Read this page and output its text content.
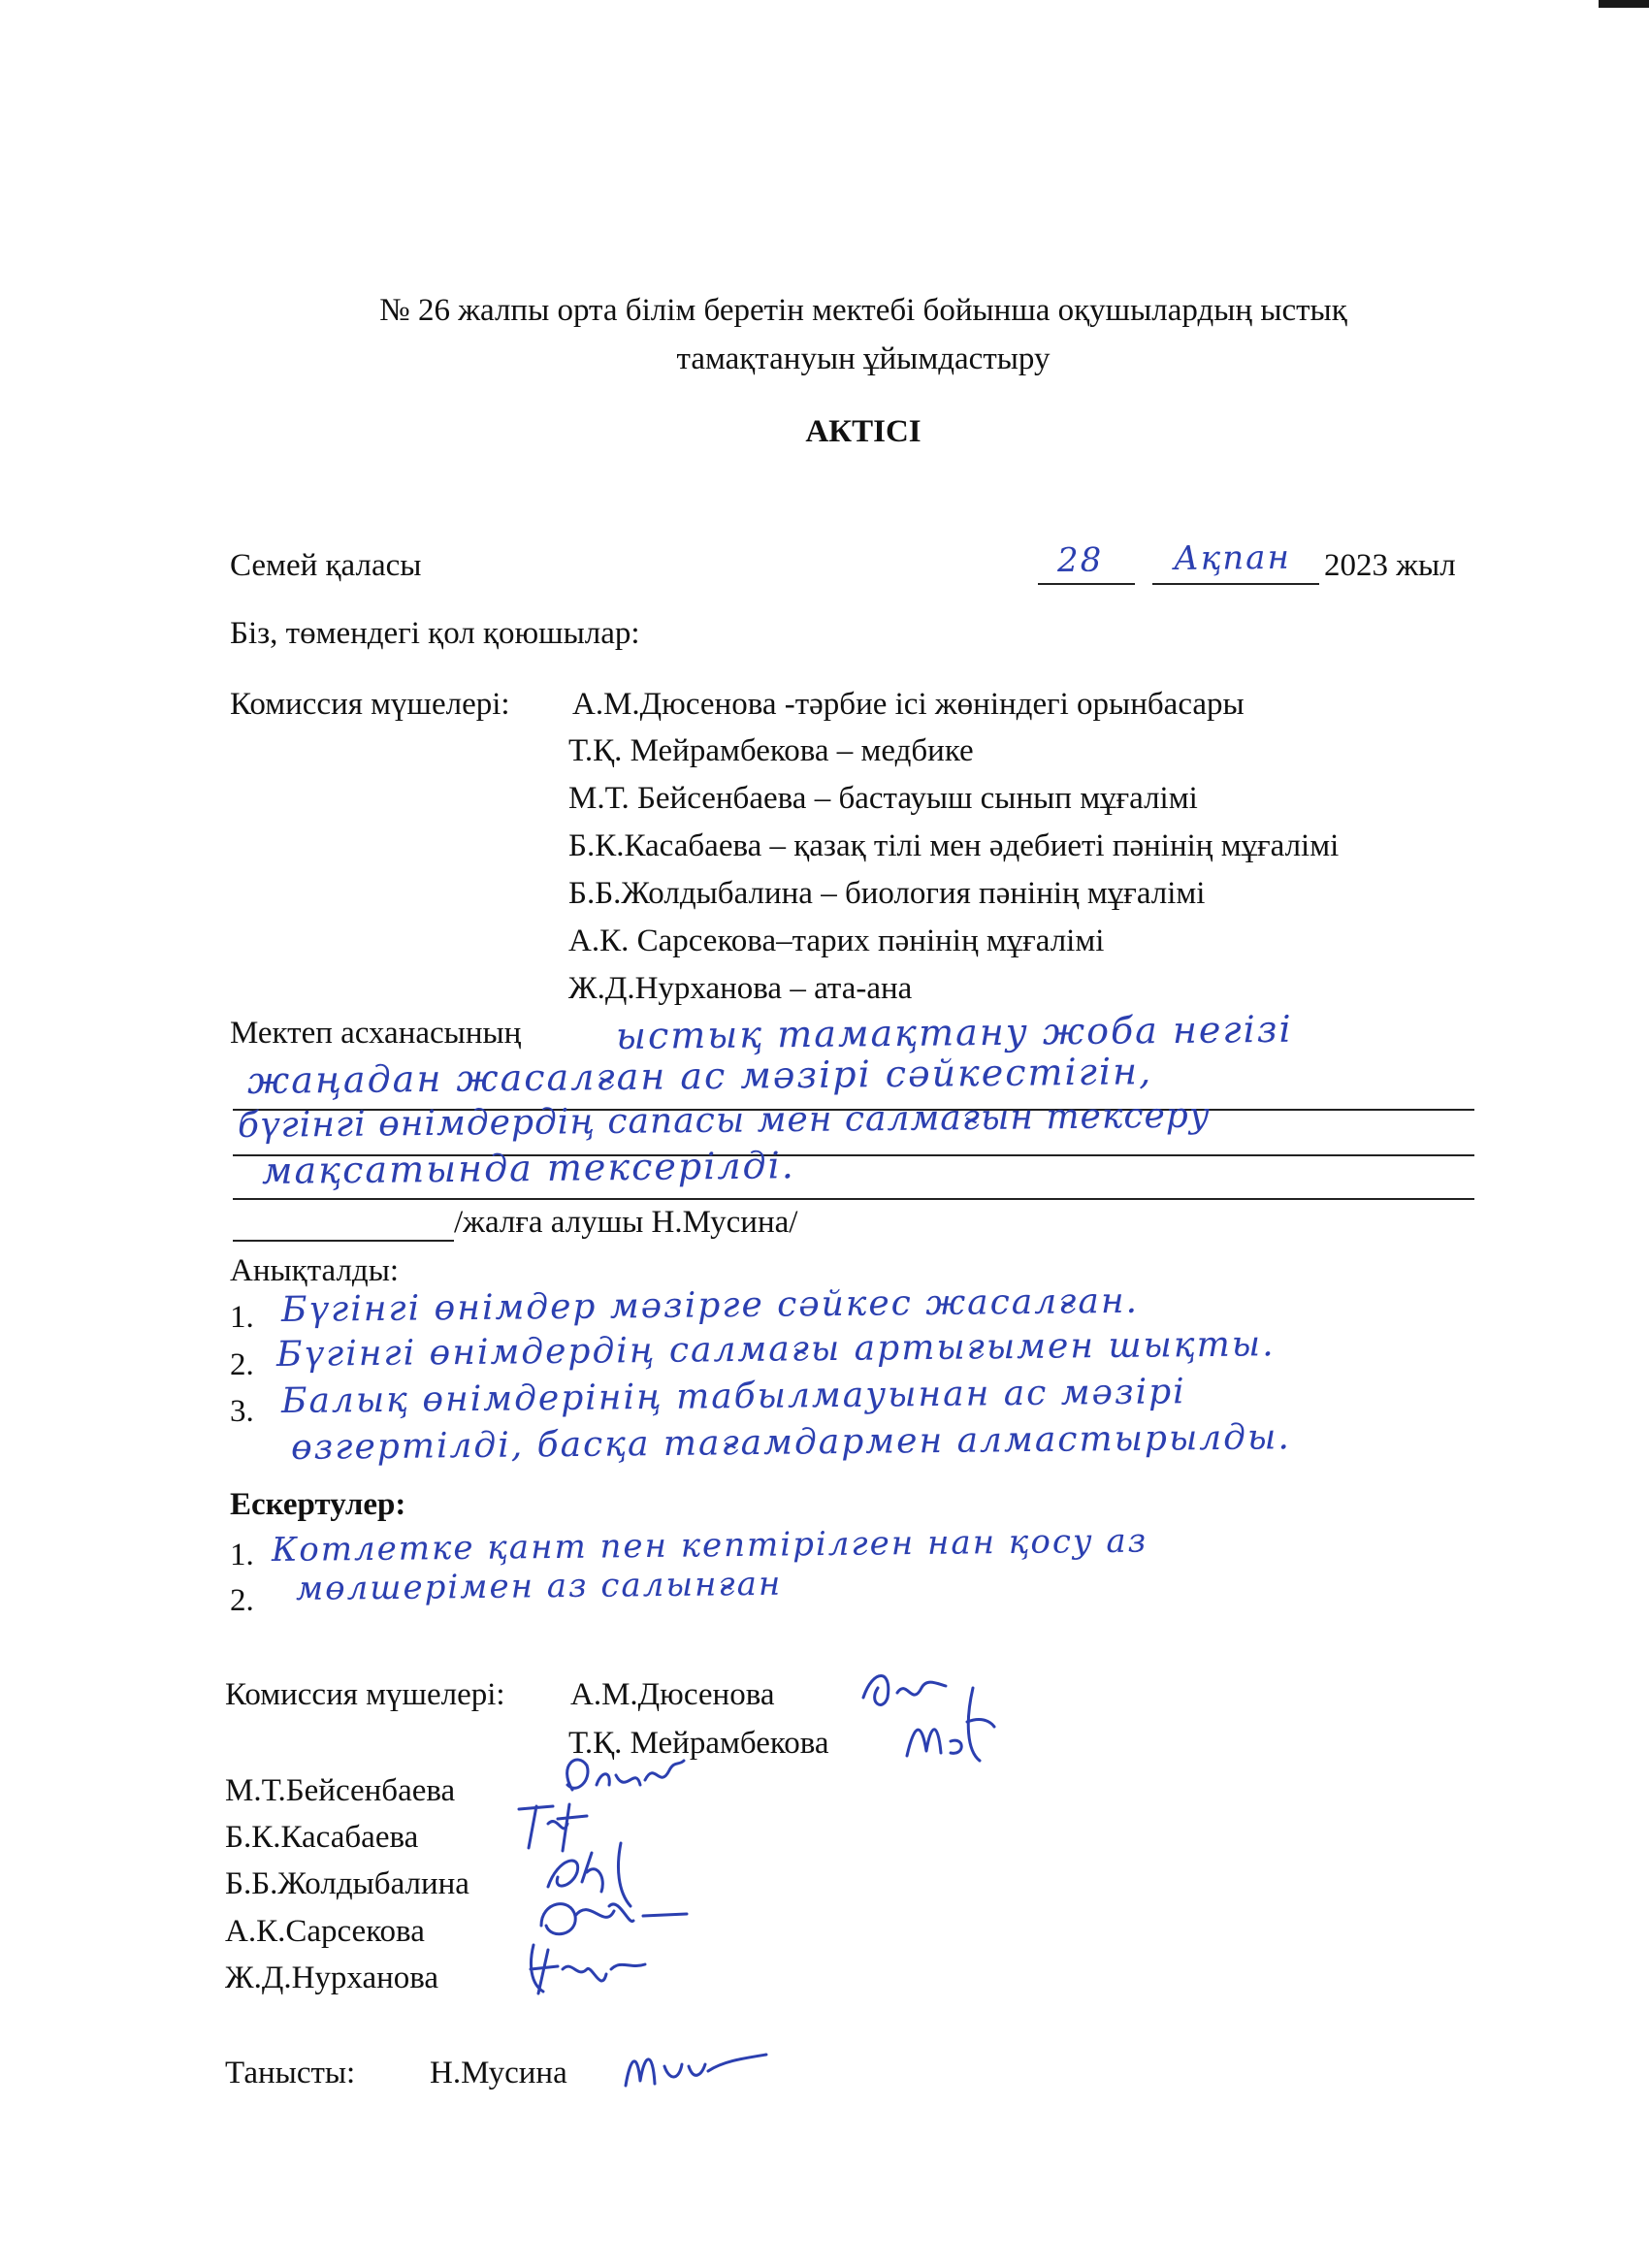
№ 26 жалпы орта білім беретін мектебі бойынша оқушылардың ыстық
тамақтануын ұйымдастыру
АКТІСІ
Семей қаласы	28 Ақпан 2023 жыл
Біз, төмендегі қол қоюшылар:
Комиссия мүшелері: А.М.Дюсенова -тәрбие ісі жөніндегі орынбасары
Т.Қ. Мейрамбекова – медбике
М.Т. Бейсенбаева – бастауыш сынып мұғалімі
Б.К.Касабаева – қазақ тілі мен әдебиеті пәнінің мұғалімі
Б.Б.Жолдыбалина – биология пәнінің мұғалімі
А.К. Сарсекова–тарих пәнінің мұғалімі
Ж.Д.Нурханова – ата-ана
Мектеп асханасының	ыстық тамақтану жоба негізі
жаңадан жасалған ас мәзірі сәйкестігін,
бүгінгі өнімдердің сапасы мен салмағын тексеру
мақсатында тексерілді.
/жалға алушы Н.Мусина/
Анықталды:
1. Бүгінгі өнімдер мәзірге сәйкес жасалған.
2. Бүгінгі өнімдердің салмағы артығымен шықты.
3. Балық өнімдерінің табылмауынан ас мәзірі
өзгертілді, басқа тағамдармен алмастырылды.
Ескертулер:
1. Котлетке қант пен кептірілген нан қосу аз
2. мөлшерімен аз салынған
Комиссия мүшелері: А.М.Дюсенова
Т.Қ. Мейрамбекова
М.Т.Бейсенбаева
Б.К.Касабаева
Б.Б.Жолдыбалина
А.К.Сарсекова
Ж.Д.Нурханова
Танысты: Н.Мусина
